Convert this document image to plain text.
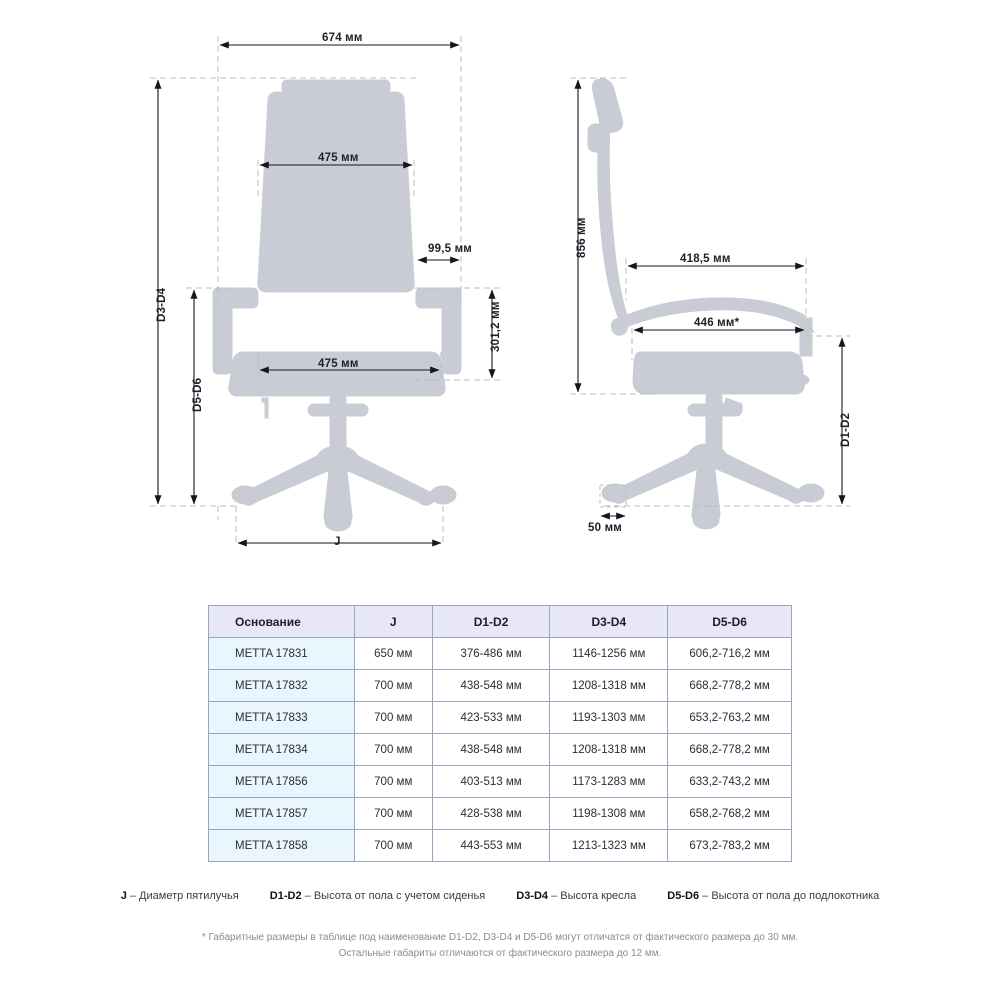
674 мм
475 мм
475 мм
99,5 мм
301,2 мм
D3-D4
D5-D6
J
856 мм
418,5 мм
446 мм*
D1-D2
50 мм
Основание	J	D1-D2	D3-D4	D5-D6
METTA 17831	650 мм	376-486 мм	1146-1256 мм	606,2-716,2 мм
METTA 17832	700 мм	438-548 мм	1208-1318 мм	668,2-778,2 мм
METTA 17833	700 мм	423-533 мм	1193-1303 мм	653,2-763,2 мм
METTA 17834	700 мм	438-548 мм	1208-1318 мм	668,2-778,2 мм
METTA 17856	700 мм	403-513 мм	1173-1283 мм	633,2-743,2 мм
METTA 17857	700 мм	428-538 мм	1198-1308 мм	658,2-768,2 мм
METTA 17858	700 мм	443-553 мм	1213-1323 мм	673,2-783,2 мм
J – Диаметр пятилучья	D1-D2 – Высота от пола с учетом сиденья	D3-D4 – Высота кресла	D5-D6 – Высота от пола до подлокотника
* Габаритные размеры в таблице под наименование D1-D2, D3-D4 и D5-D6 могут отличатся от фактического размера до 30 мм.
Остальные габариты отличаются от фактического размера до 12 мм.
